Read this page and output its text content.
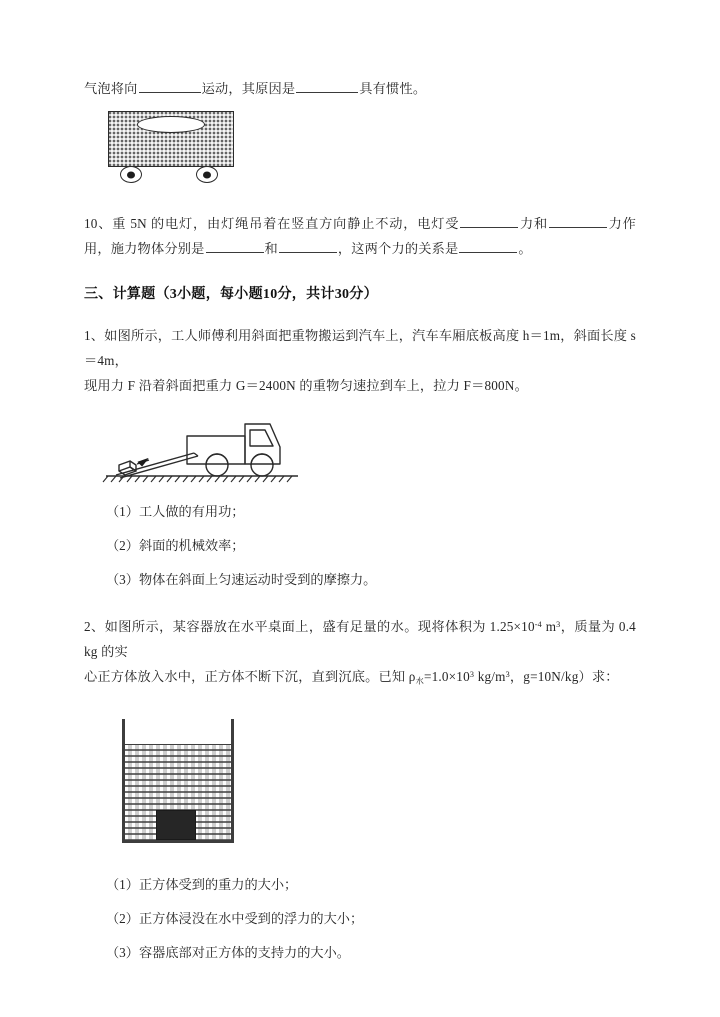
气泡将向	运动，其原因是	具有惯性。

10、重 5N 的电灯，由灯绳吊着在竖直方向静止不动，电灯受	力和	力作用，施力物体分别是	和	，这两个力的关系是	。

三、计算题（3小题，每小题10分，共计30分）

1、如图所示，工人师傅利用斜面把重物搬运到汽车上，汽车车厢底板高度 h＝1m，斜面长度 s＝4m，

现用力 F 沿着斜面把重力 G＝2400N 的重物匀速拉到车上，拉力 F＝800N。

（1）工人做的有用功；

（2）斜面的机械效率；

（3）物体在斜面上匀速运动时受到的摩擦力。

2、如图所示，某容器放在水平桌面上，盛有足量的水。现将体积为 $1.25\times 10^{-4}$ $m^3$，质量为 0.4 kg 的实

心正方体放入水中，正方体不断下沉，直到沉底。已知 $\rho_水=1.0\times 10^3$ $kg/m^3$，g=10N/kg）求：

（1）正方体受到的重力的大小；

（2）正方体浸没在水中受到的浮力的大小；

（3）容器底部对正方体的支持力的大小。
